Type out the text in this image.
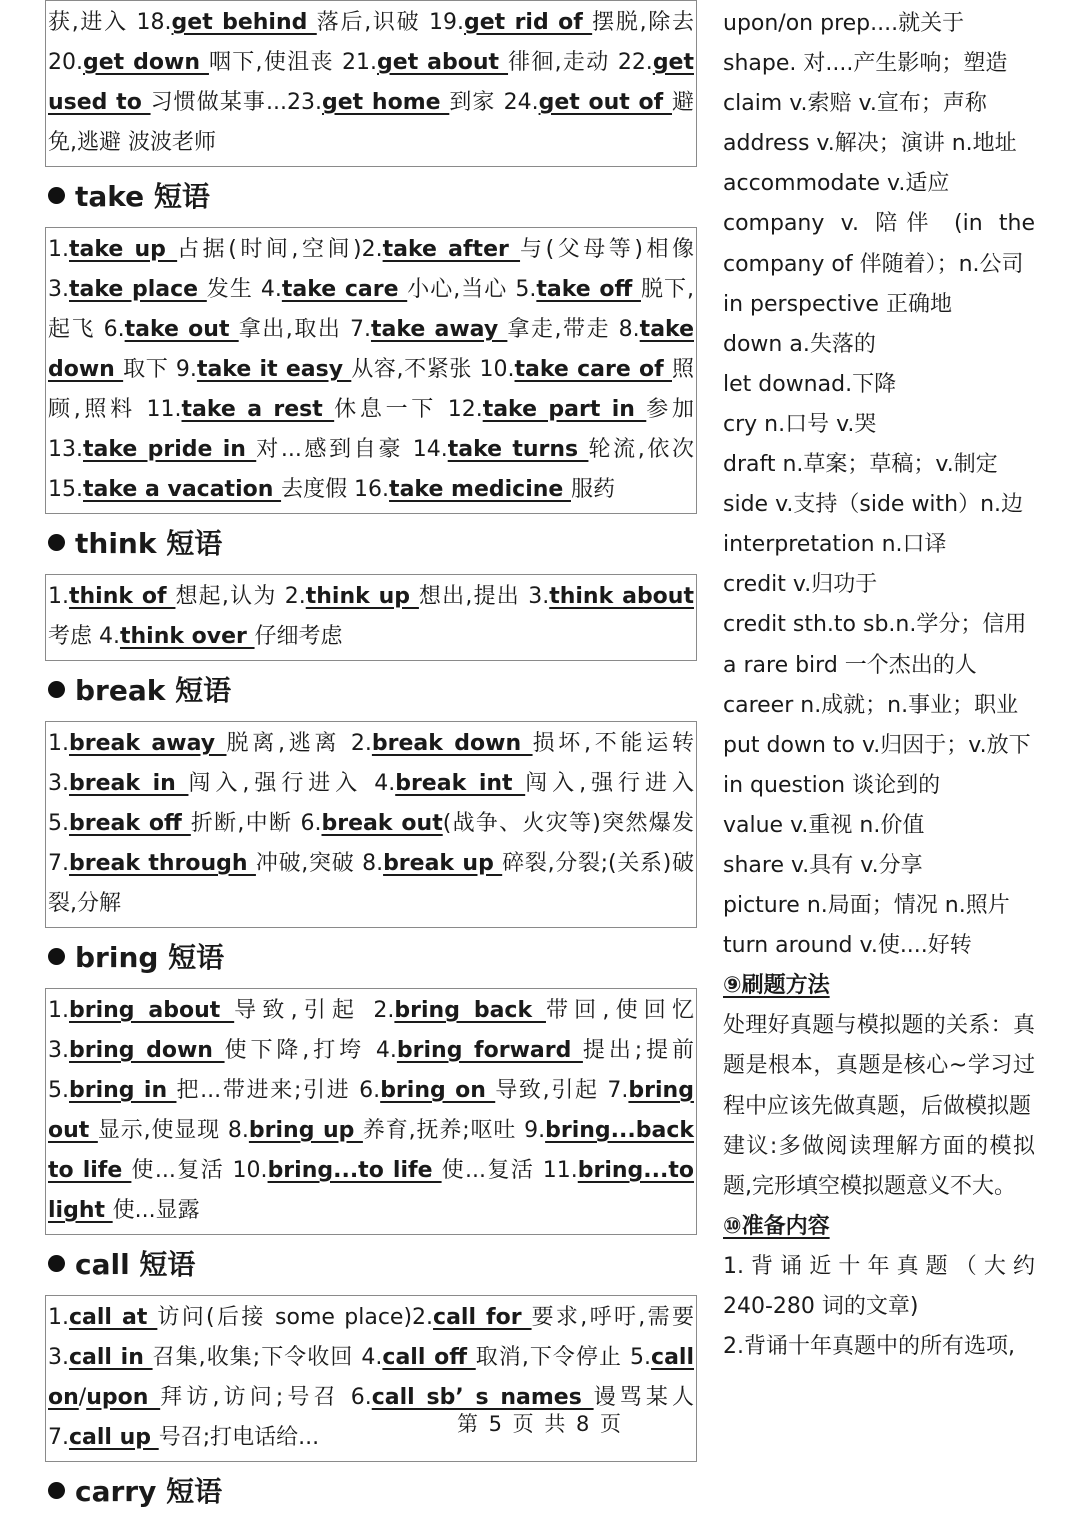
获,进入 18.get behind 落后,识破 19.get rid of 摆脱,除去 20.get down 咽下,使沮丧 21.get about 徘徊,走动 22.get used to 习惯做某事...23.get home 到家 24.get out of 避免,逃避 波波老师
take 短语
1.take up 占据(时间,空间)2.take after 与(父母等)相像 3.take place 发生 4.take care 小心,当心 5.take off 脱下,起飞 6.take out 拿出,取出 7.take away 拿走,带走 8.take down 取下 9.take it easy 从容,不紧张 10.take care of 照顾,照料 11.take a rest 休息一下 12.take part in 参加 13.take pride in 对...感到自豪 14.take turns 轮流,依次 15.take a vacation 去度假 16.take medicine 服药
think 短语
1.think of 想起,认为 2.think up 想出,提出 3.think about 考虑 4.think over 仔细考虑
break 短语
1.break away 脱离,逃离 2.break down 损坏,不能运转 3.break in 闯入,强行进入 4.break int 闯入,强行进入 5.break off 折断,中断 6.break out(战争、火灾等)突然爆发 7.break through 冲破,突破 8.break up 碎裂,分裂;(关系)破裂,分解
bring 短语
1.bring about 导致,引起 2.bring back 带回,使回忆 3.bring down 使下降,打垮 4.bring forward 提出;提前 5.bring in 把...带进来;引进 6.bring on 导致,引起 7.bring out 显示,使显现 8.bring up 养育,抚养;呕吐 9.bring...back to life 使...复活 10.bring...to life 使...复活 11.bring...to light 使...显露
call 短语
1.call at 访问(后接 some place)2.call for 要求,呼吁,需要 3.call in 召集,收集;下令收回 4.call off 取消,下令停止 5.call on/upon 拜访,访问;号召 6.call sb’ s names 谩骂某人 7.call up 号召;打电话给...
carry 短语
upon/on prep....就关于
shape. 对....产生影响；塑造
claim v.索赔 v.宣布；声称
address v.解决；演讲 n.地址
accommodate v.适应
company v. 陪伴 (in the company of 伴随着）；n.公司
in perspective 正确地
down a.失落的
let downad.下降
cry n.口号 v.哭
draft n.草案；草稿；v.制定
side v.支持（side with）n.边
interpretation n.口译
credit v.归功于
credit sth.to sb.n.学分；信用
a rare bird 一个杰出的人
career n.成就；n.事业；职业
put down to v.归因于；v.放下
in question 谈论到的
value v.重视 n.价值
share v.具有 v.分享
picture n.局面；情况 n.照片
turn around v.使....好转
⑨刷题方法
处理好真题与模拟题的关系：真题是根本，真题是核心~学习过程中应该先做真题，后做模拟题
建议:多做阅读理解方面的模拟题,完形填空模拟题意义不大。
⑩准备内容
1. 背 诵 近 十 年 真 题 （ 大 约 240-280 词的文章)
2.背诵十年真题中的所有选项,
第 5 页 共 8 页
